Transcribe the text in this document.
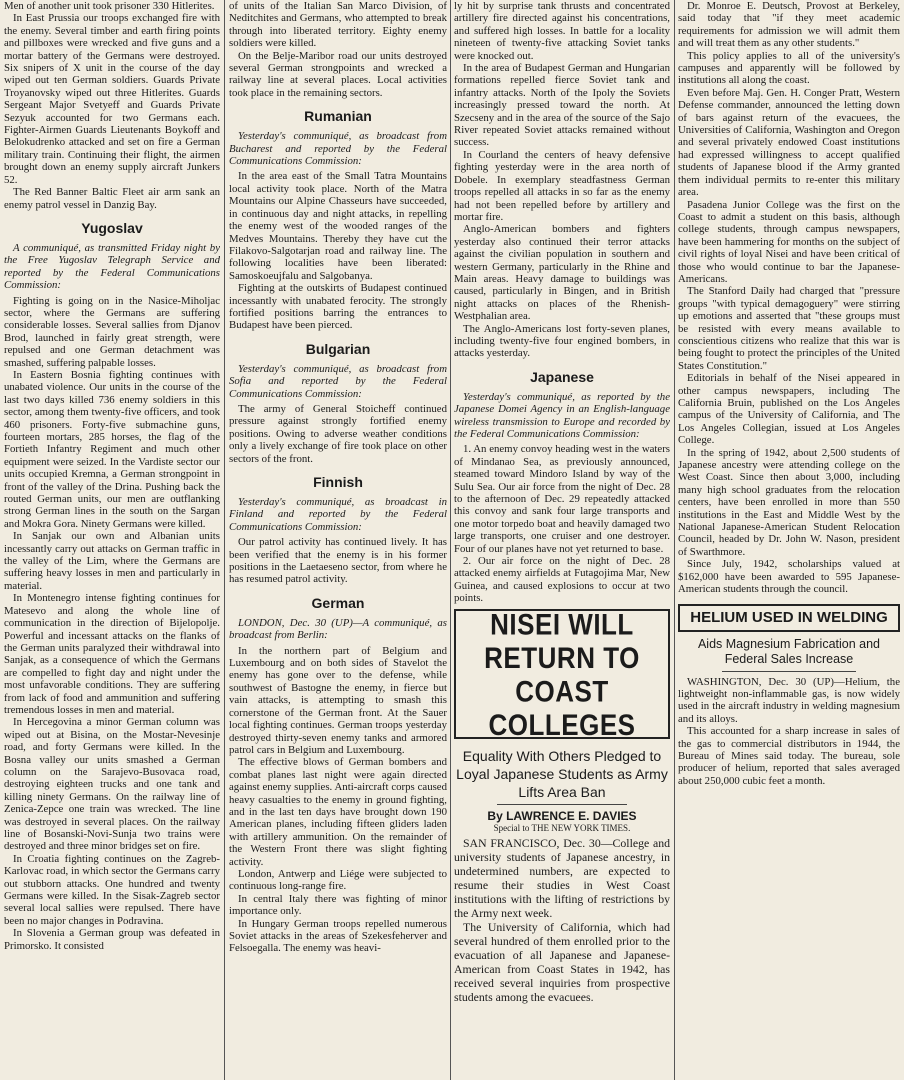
Men of another unit took prisoner 330 Hitlerites.

In East Prussia our troops exchanged fire with the enemy. Several timber and earth firing points and pillboxes were wrecked and five guns and a mortar battery of the Germans were destroyed. Six snipers of X unit in the course of the day wiped out ten German soldiers. Guards Private Troyanovsky wiped out three Hitlerites. Guards Sergeant Major Svetyeff and Guards Private Sezyuk accounted for two Germans each. Fighter-Airmen Guards Lieutenants Boykoff and Belokudrenko attacked and set on fire a German military train. Continuing their flight, the airmen brought down an enemy supply aircraft Junkers 52.

The Red Banner Baltic Fleet air arm sank an enemy patrol vessel in Danzig Bay.

Yugoslav

A communiqué, as transmitted Friday night by the Free Yugoslav Telegraph Service and reported by the Federal Communications Commission:

Fighting is going on in the Nasice-Miholjac sector, where the Germans are suffering considerable losses. Several sallies from Djanov Brod, launched in fairly great strength, were repulsed and one German detachment was smashed, suffering palpable losses.

In Eastern Bosnia fighting continues with unabated violence. Our units in the course of the last two days killed 736 enemy soldiers in this sector, among them twenty-five officers, and took 460 prisoners. Forty-five submachine guns, fourteen mortars, 285 horses, the flag of the Fortieth Infantry Regiment and much other equipment were seized. In the Vardiste sector our units occupied Kremna, a German strongpoint in front of the valley of the Drina. Pushing back the routed German units, our men are outflanking strong German lines in the south on the Sargan and Mokra Gora. Ninety Germans were killed.

In Sanjak our own and Albanian units incessantly carry out attacks on German traffic in the valley of the Lim, where the Germans are suffering heavy losses in men and particularly in material.

In Montenegro intense fighting continues for Matesevo and along the whole line of communication in the direction of Bijelopolje. Powerful and incessant attacks on the flanks of the German units paralyzed their withdrawal into Sanjak, as a consequence of which the Germans are compelled to fight day and night under the most unfavorable conditions. They are suffering from lack of food and ammunition and suffering tremendous losses in men and material.

In Hercegovina a minor German column was wiped out at Bisina, on the Mostar-Nevesinje road, and forty Germans were killed. In the Bosna valley our units smashed a German column on the Sarajevo-Busovaca road, destroying eighteen trucks and one tank and killing ninety Germans. On the railway line of Zenica-Zepce one train was wrecked. The line was destroyed in several places. On the railway line of Bosanski-Novi-Sunja two trains were destroyed and three minor bridges set on fire.

In Croatia fighting continues on the Zagreb-Karlovac road, in which sector the Germans carry out stubborn attacks. One hundred and twenty Germans were killed. In the Sisak-Zagreb sector several local sallies were repulsed. There have been no major changes in Podravina.

In Slovenia a German group was defeated in Primorsko. It consisted

of units of the Italian San Marco Division, of Neditchites and Germans, who attempted to break through into liberated territory. Eighty enemy soldiers were killed.

On the Belje-Maribor road our units destroyed several German strongpoints and wrecked a railway line at several places. Local activities took place in the remaining sectors.

Rumanian

Yesterday's communiqué, as broadcast from Bucharest and reported by the Federal Communications Commission:

In the area east of the Small Tatra Mountains local activity took place. North of the Matra Mountains our Alpine Chasseurs have succeeded, in continuous day and night attacks, in repelling the enemy west of the wooded ranges of the Medves Mountains. Thereby they have cut the Filakovo-Salgotarjan road and railway line. The following localities have been liberated: Samoskoeujfalu and Salgobanya.

Fighting at the outskirts of Budapest continued incessantly with unabated ferocity. The strongly fortified positions barring the entrances to Budapest have been pierced.

Bulgarian

Yesterday's communiqué, as broadcast from Sofia and reported by the Federal Communications Commission:

The army of General Stoicheff continued pressure against strongly fortified enemy positions. Owing to adverse weather conditions only a lively exchange of fire took place on other sectors of the front.

Finnish

Yesterday's communiqué, as broadcast in Finland and reported by the Federal Communications Commission:

Our patrol activity has continued lively. It has been verified that the enemy is in his former positions in the Laetaeseno sector, from where he has resumed patrol activity.

German

LONDON, Dec. 30 (UP)—A communiqué, as broadcast from Berlin:

In the northern part of Belgium and Luxembourg and on both sides of Stavelot the enemy has gone over to the defense, while southwest of Bastogne the enemy, in fierce but vain attacks, is attempting to smash this cornerstone of the German front. At the Sauer local fighting continues. German troops yesterday destroyed thirty-seven enemy tanks and armored patrol cars in Belgium and Luxembourg.

The effective blows of German bombers and combat planes last night were again directed against enemy supplies. Anti-aircraft corps caused heavy casualties to the enemy in ground fighting, and in the last ten days have brought down 190 American planes, including fifteen gliders laden with artillery ammunition. On the remainder of the Western Front there was slight fighting activity.

London, Antwerp and Liége were subjected to continuous long-range fire.

In central Italy there was fighting of minor importance only.

In Hungary German troops repelled numerous Soviet attacks in the areas of Szekesfeherver and Felsoegalla. The enemy was heavi-

ly hit by surprise tank thrusts and concentrated artillery fire directed against his concentrations, and suffered high losses. In battle for a locality nineteen of twenty-five attacking Soviet tanks were knocked out.

In the area of Budapest German and Hungarian formations repelled fierce Soviet tank and infantry attacks. North of the Ipoly the Soviets increasingly pressed toward the north. At Szecseny and in the area of the source of the Sajo River repeated Soviet attacks remained without success.

In Courland the centers of heavy defensive fighting yesterday were in the area north of Dobele. In exemplary steadfastness German troops repelled all attacks in so far as the enemy had not been repelled before by artillery and mortar fire.

Anglo-American bombers and fighters yesterday also continued their terror attacks against the civilian population in southern and western Germany, particularly in the Rhine and Main areas. Heavy damage to buildings was caused, particularly in Bingen, and in British night attacks on places of the Rhenish-Westphalian area.

The Anglo-Americans lost forty-seven planes, including twenty-five four engined bombers, in attacks yesterday.

Japanese

Yesterday's communiqué, as reported by the Japanese Domei Agency in an English-language wireless transmission to Europe and recorded by the Federal Communications Commission:

1. An enemy convoy heading west in the waters of Mindanao Sea, as previously announced, steamed toward Mindoro Island by way of the Sulu Sea. Our air force from the night of Dec. 28 to the afternoon of Dec. 29 repeatedly attacked this convoy and sank four large transports and one motor torpedo boat and heavily damaged two large transports, one cruiser and one destroyer. Four of our planes have not yet returned to base.

2. Our air force on the night of Dec. 28 attacked enemy airfields at Futagojima Mar, New Guinea, and caused explosions to occur at two points.

NISEI WILL RETURN TO COAST COLLEGES
Equality With Others Pledged to Loyal Japanese Students as Army Lifts Area Ban
By LAWRENCE E. DAVIES
Special to THE NEW YORK TIMES.

SAN FRANCISCO, Dec. 30—College and university students of Japanese ancestry, in undetermined numbers, are expected to resume their studies in West Coast institutions with the lifting of restrictions by the Army next week.

The University of California, which had several hundred of them enrolled prior to the evacuation of all Japanese and Japanese-American from Coast States in 1942, has received several inquiries from prospective students among the evacuees.

Dr. Monroe E. Deutsch, Provost at Berkeley, said today that "if they meet academic requirements for admission we will admit them and will treat them as any other students."

This policy applies to all of the university's campuses and apparently will be followed by institutions all along the coast.

Even before Maj. Gen. H. Conger Pratt, Western Defense commander, announced the letting down of bars against return of the evacuees, the Universities of California, Washington and Oregon and several privately endowed Coast institutions had expressed willingness to accept qualified students of Japanese blood if the Army granted them individual permits to re-enter this military area.

Pasadena Junior College was the first on the Coast to admit a student on this basis, although college students, through campus newspapers, have been hammering for months on the subject of civil rights of loyal Nisei and have been critical of those who would continue to bar the Japanese-Americans.

The Stanford Daily had charged that "pressure groups "with typical demagoguery" were stirring up emotions and asserted that "these groups must be resisted with every means available to conscientious citizens who realize that this war is being fought to protect the principles of the United States Constitution."

Editorials in behalf of the Nisei appeared in other campus newspapers, including The California Bruin, published on the Los Angeles campus of the University of California, and The Los Angeles Collegian, issued at Los Angeles College.

In the spring of 1942, about 2,500 students of Japanese ancestry were attending college on the West Coast. Since then about 3,000, including many high school graduates from the relocation centers, have been enrolled in more than 550 institutions in the East and Middle West by the National Japanese-American Student Relocation Council, headed by Dr. John W. Nason, president of Swarthmore.

Since July, 1942, scholarships valued at $162,000 have been awarded to 595 Japanese-American students through the council.

HELIUM USED IN WELDING
Aids Magnesium Fabrication and Federal Sales Increase

WASHINGTON, Dec. 30 (UP)—Helium, the lightweight non-inflammable gas, is now widely used in the aircraft industry in welding magnesium and its alloys.

This accounted for a sharp increase in sales of the gas to commercial distributors in 1944, the Bureau of Mines said today. The bureau, sole producer of helium, reported that sales averaged about 250,000 cubic feet a month.
